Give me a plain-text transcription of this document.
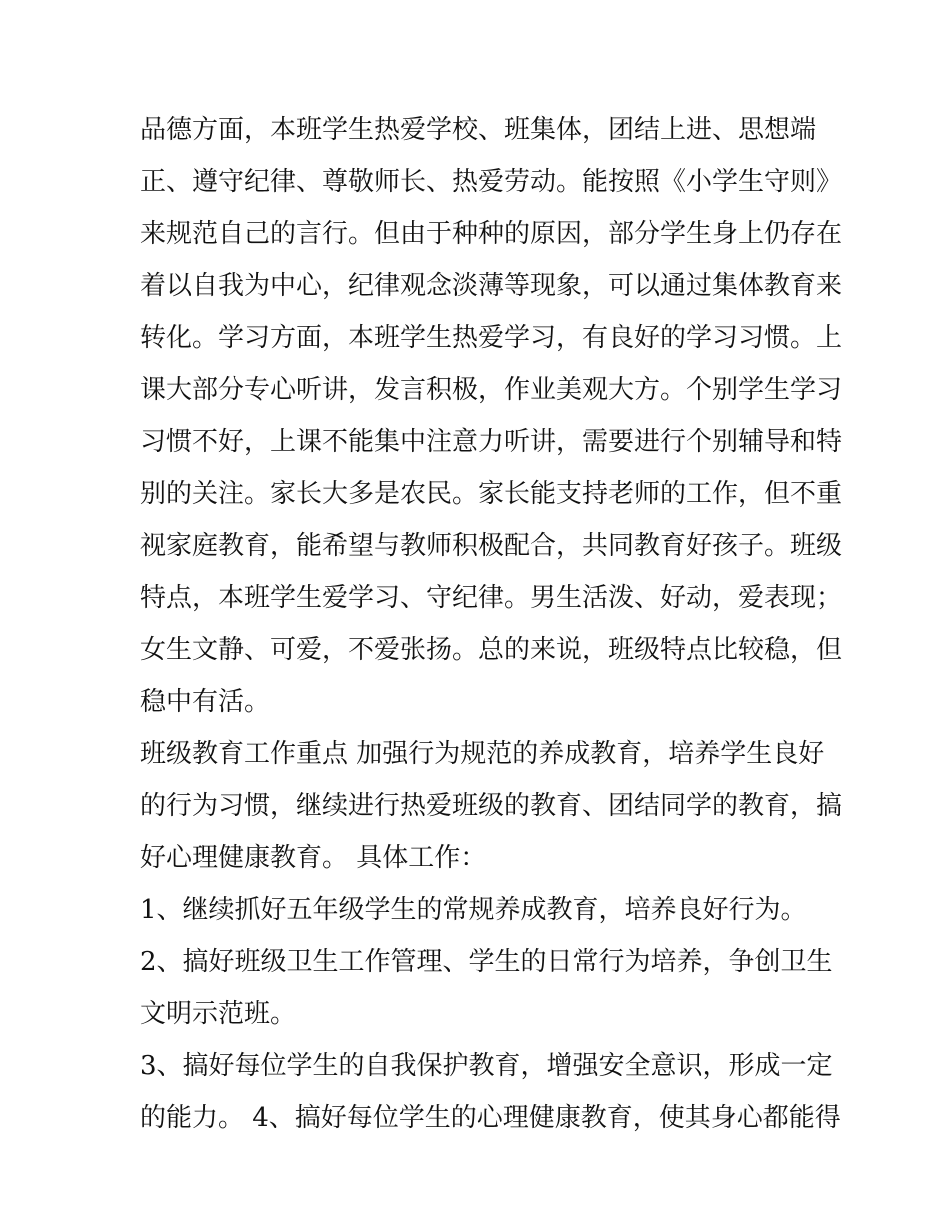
品德方面，本班学生热爱学校、班集体，团结上进、思想端
正、遵守纪律、尊敬师长、热爱劳动。能按照《小学生守则》
来规范自己的言行。但由于种种的原因，部分学生身上仍存在
着以自我为中心，纪律观念淡薄等现象，可以通过集体教育来
转化。学习方面，本班学生热爱学习，有良好的学习习惯。上
课大部分专心听讲，发言积极，作业美观大方。个别学生学习
习惯不好，上课不能集中注意力听讲，需要进行个别辅导和特
别的关注。家长大多是农民。家长能支持老师的工作，但不重
视家庭教育，能希望与教师积极配合，共同教育好孩子。班级
特点，本班学生爱学习、守纪律。男生活泼、好动，爱表现；
女生文静、可爱，不爱张扬。总的来说，班级特点比较稳，但
稳中有活。
班级教育工作重点 加强行为规范的养成教育，培养学生良好
的行为习惯，继续进行热爱班级的教育、团结同学的教育，搞
好心理健康教育。 具体工作：
1、继续抓好五年级学生的常规养成教育，培养良好行为。
2、搞好班级卫生工作管理、学生的日常行为培养，争创卫生
文明示范班。
3、搞好每位学生的自我保护教育，增强安全意识，形成一定
的能力。 4、搞好每位学生的心理健康教育，使其身心都能得
